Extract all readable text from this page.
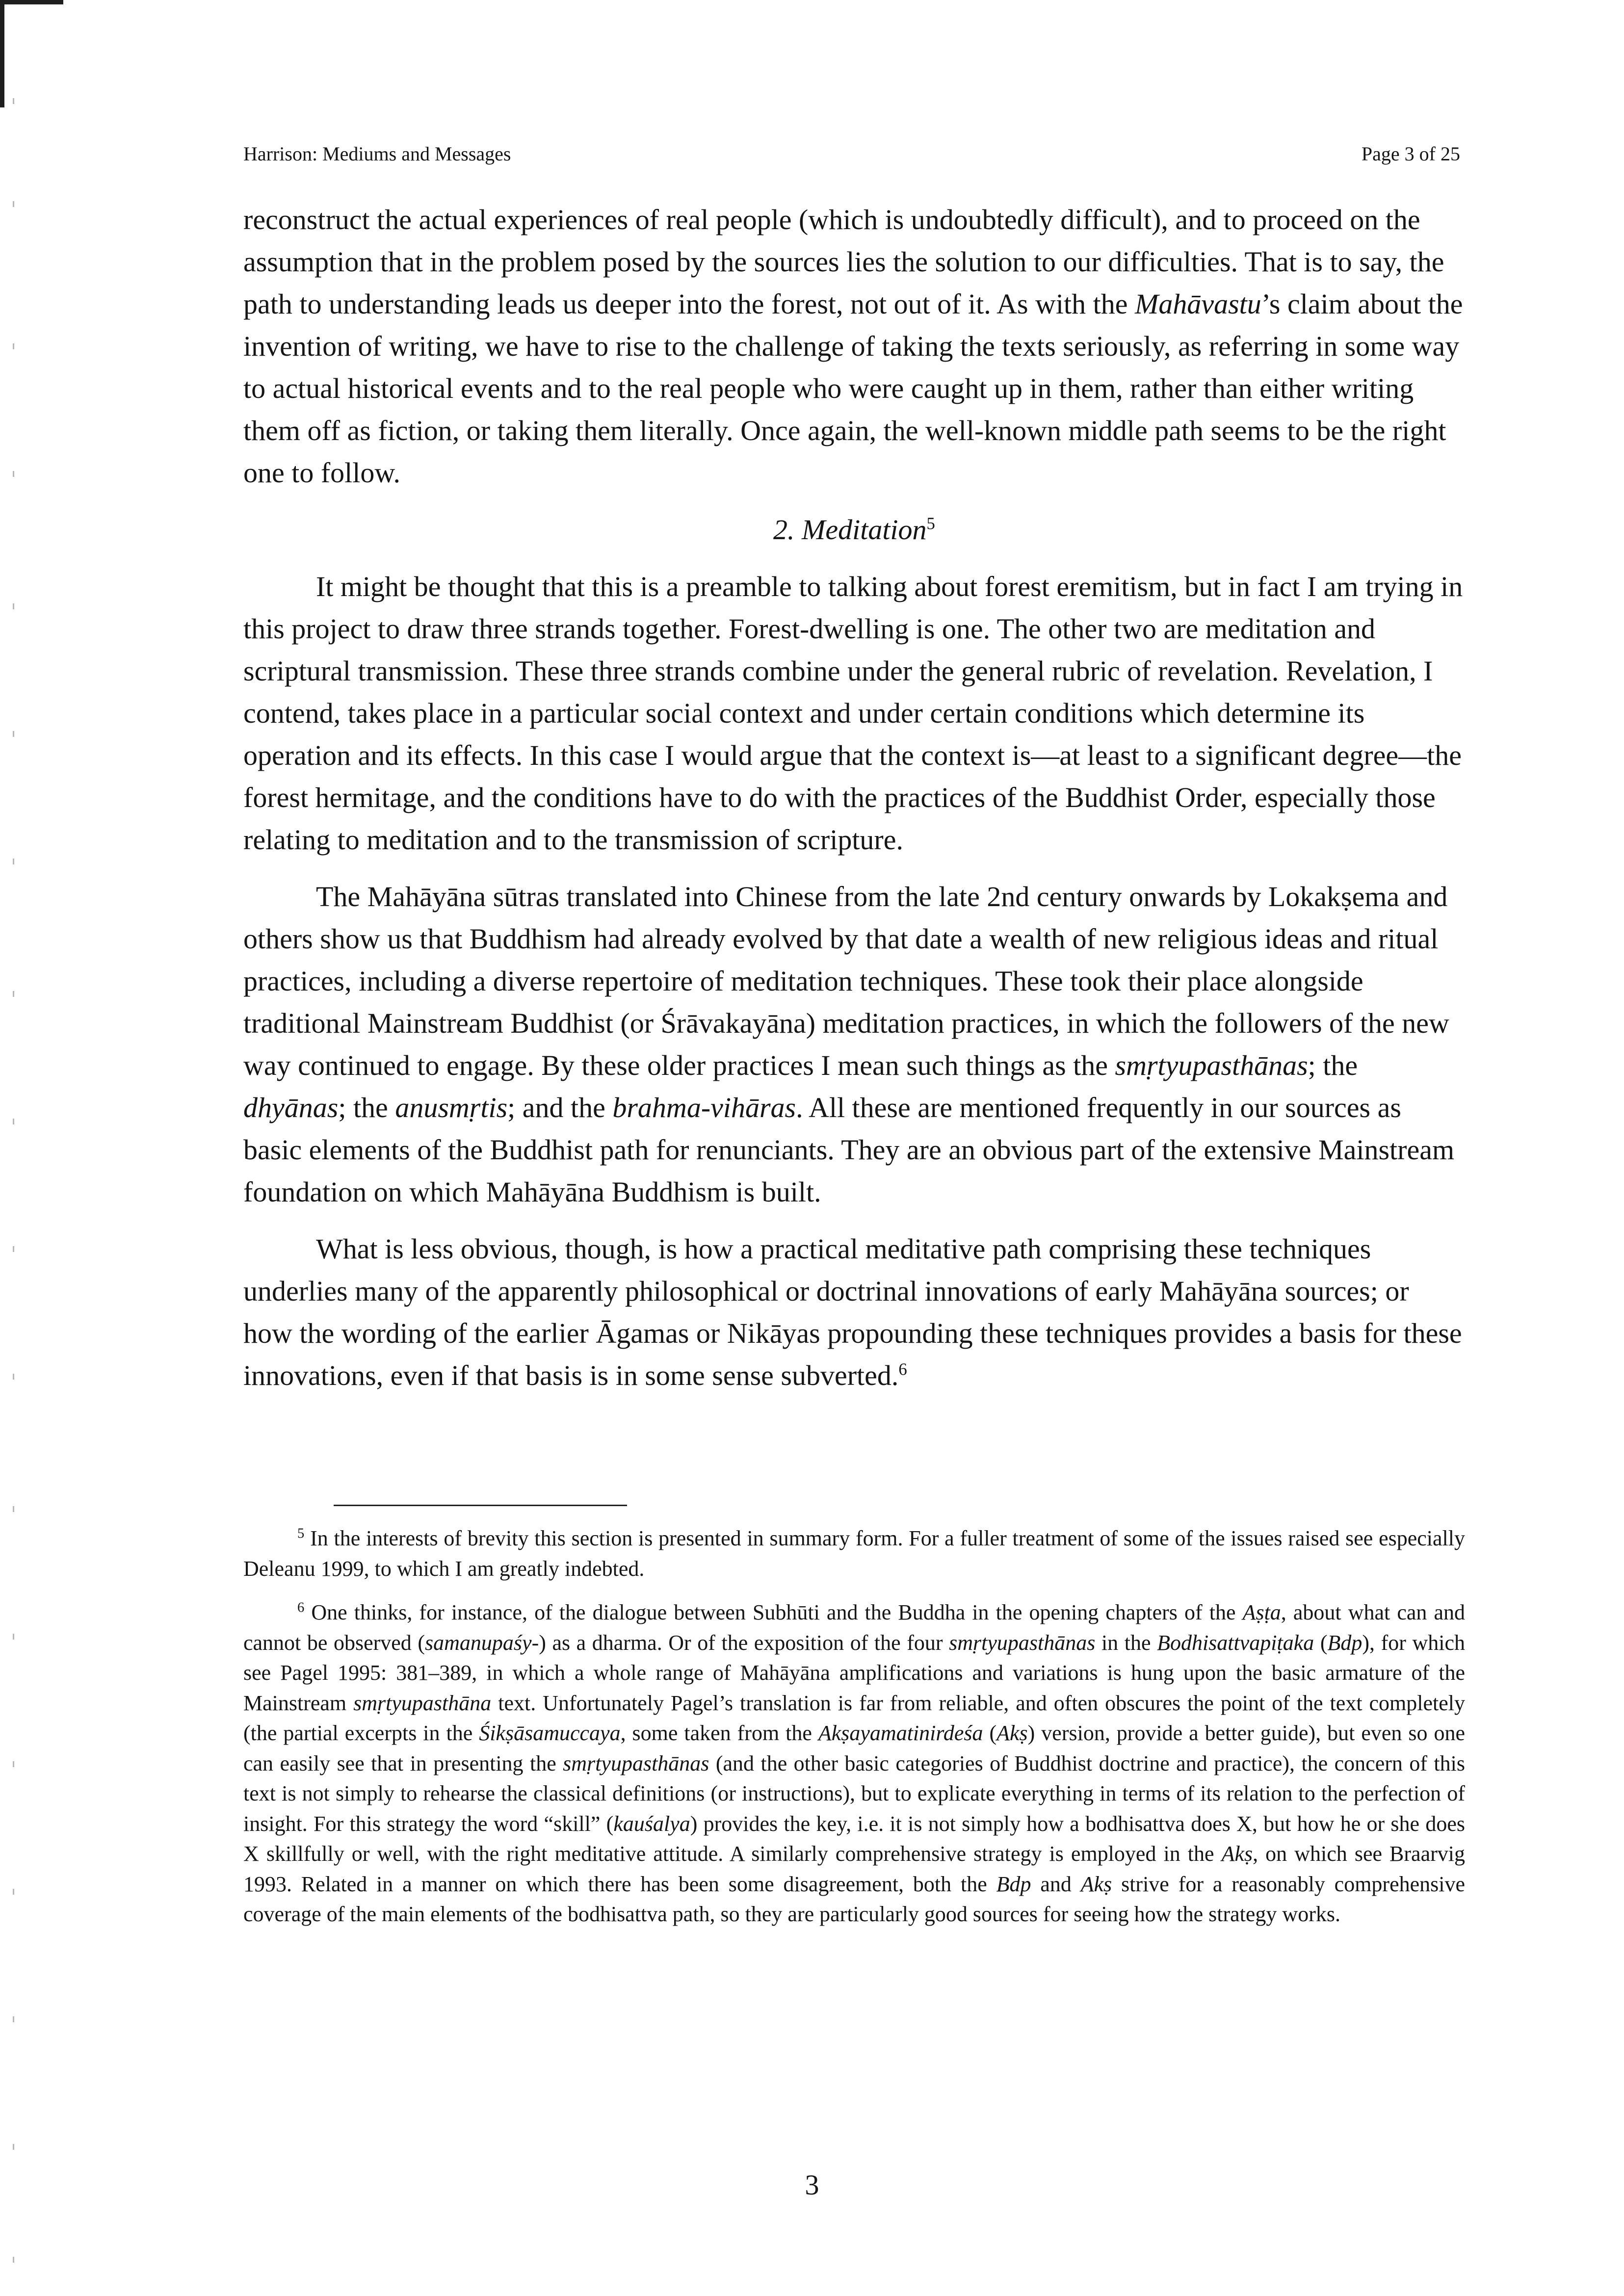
Harrison: Mediums and Messages	Page 3 of 25

reconstruct the actual experiences of real people (which is undoubtedly difficult), and to proceed on the assumption that in the problem posed by the sources lies the solution to our difficulties. That is to say, the path to understanding leads us deeper into the forest, not out of it. As with the Mahāvastu’s claim about the invention of writing, we have to rise to the challenge of taking the texts seriously, as referring in some way to actual historical events and to the real people who were caught up in them, rather than either writing them off as fiction, or taking them literally. Once again, the well-known middle path seems to be the right one to follow.

2. Meditation$^5$

It might be thought that this is a preamble to talking about forest eremitism, but in fact I am trying in this project to draw three strands together. Forest-dwelling is one. The other two are meditation and scriptural transmission. These three strands combine under the general rubric of revelation. Revelation, I contend, takes place in a particular social context and under certain conditions which determine its operation and its effects. In this case I would argue that the context is—at least to a significant degree—the forest hermitage, and the conditions have to do with the practices of the Buddhist Order, especially those relating to meditation and to the transmission of scripture.

The Mahāyāna sūtras translated into Chinese from the late 2nd century onwards by Lokakṣema and others show us that Buddhism had already evolved by that date a wealth of new religious ideas and ritual practices, including a diverse repertoire of meditation techniques. These took their place alongside traditional Mainstream Buddhist (or Śrāvakayāna) meditation practices, in which the followers of the new way continued to engage. By these older practices I mean such things as the smṛtyupasthānas; the dhyānas; the anusmṛtis; and the brahma-vihāras. All these are mentioned frequently in our sources as basic elements of the Buddhist path for renunciants. They are an obvious part of the extensive Mainstream foundation on which Mahāyāna Buddhism is built.

What is less obvious, though, is how a practical meditative path comprising these techniques underlies many of the apparently philosophical or doctrinal innovations of early Mahāyāna sources; or how the wording of the earlier Āgamas or Nikāyas propounding these techniques provides a basis for these innovations, even if that basis is in some sense subverted.$^6$

$^5$ In the interests of brevity this section is presented in summary form. For a fuller treatment of some of the issues raised see especially Deleanu 1999, to which I am greatly indebted.

$^6$ One thinks, for instance, of the dialogue between Subhūti and the Buddha in the opening chapters of the Aṣṭa, about what can and cannot be observed (samanupaśy-) as a dharma. Or of the exposition of the four smṛtyupasthānas in the Bodhisattvapiṭaka (Bdp), for which see Pagel 1995: 381–389, in which a whole range of Mahāyāna amplifications and variations is hung upon the basic armature of the Mainstream smṛtyupasthāna text. Unfortunately Pagel’s translation is far from reliable, and often obscures the point of the text completely (the partial excerpts in the Śikṣāsamuccaya, some taken from the Akṣayamatinirdeśa (Akṣ) version, provide a better guide), but even so one can easily see that in presenting the smṛtyupasthānas (and the other basic categories of Buddhist doctrine and practice), the concern of this text is not simply to rehearse the classical definitions (or instructions), but to explicate everything in terms of its relation to the perfection of insight. For this strategy the word “skill” (kauśalya) provides the key, i.e. it is not simply how a bodhisattva does X, but how he or she does X skillfully or well, with the right meditative attitude. A similarly comprehensive strategy is employed in the Akṣ, on which see Braarvig 1993. Related in a manner on which there has been some disagreement, both the Bdp and Akṣ strive for a reasonably comprehensive coverage of the main elements of the bodhisattva path, so they are particularly good sources for seeing how the strategy works.

3
